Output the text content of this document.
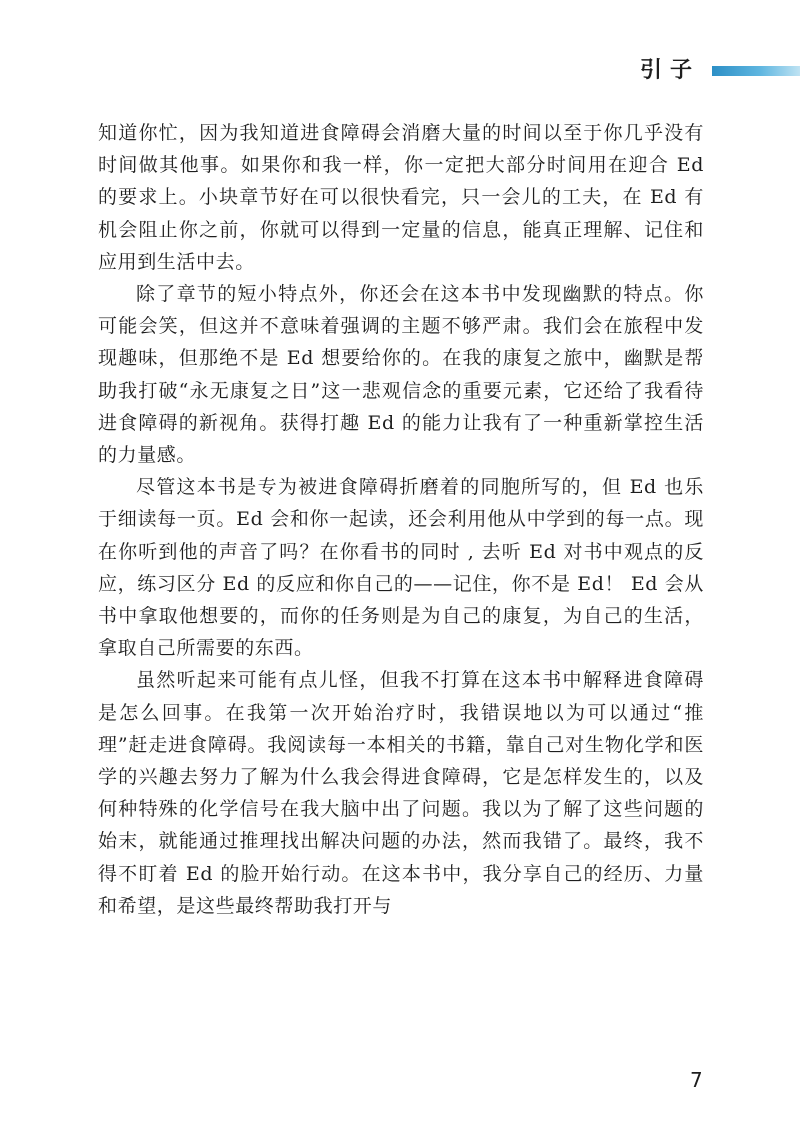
引子

知道你忙，因为我知道进食障碍会消磨大量的时间以至于你几乎没有时间做其他事。如果你和我一样，你一定把大部分时间用在迎合 Ed 的要求上。小块章节好在可以很快看完，只一会儿的工夫，在 Ed 有机会阻止你之前，你就可以得到一定量的信息，能真正理解、记住和应用到生活中去。

除了章节的短小特点外，你还会在这本书中发现幽默的特点。你可能会笑，但这并不意味着强调的主题不够严肃。我们会在旅程中发现趣味，但那绝不是 Ed 想要给你的。在我的康复之旅中，幽默是帮助我打破“永无康复之日”这一悲观信念的重要元素，它还给了我看待进食障碍的新视角。获得打趣 Ed 的能力让我有了一种重新掌控生活的力量感。

尽管这本书是专为被进食障碍折磨着的同胞所写的，但 Ed 也乐于细读每一页。Ed 会和你一起读，还会利用他从中学到的每一点。现在你听到他的声音了吗？在你看书的同时 , 去听 Ed 对书中观点的反应，练习区分 Ed 的反应和你自己的——记住，你不是 Ed！ Ed 会从书中拿取他想要的，而你的任务则是为自己的康复，为自己的生活，拿取自己所需要的东西。

虽然听起来可能有点儿怪，但我不打算在这本书中解释进食障碍是怎么回事。在我第一次开始治疗时，我错误地以为可以通过“推理”赶走进食障碍。我阅读每一本相关的书籍，靠自己对生物化学和医学的兴趣去努力了解为什么我会得进食障碍，它是怎样发生的，以及何种特殊的化学信号在我大脑中出了问题。我以为了解了这些问题的始末，就能通过推理找出解决问题的办法，然而我错了。最终，我不得不盯着 Ed 的脸开始行动。在这本书中，我分享自己的经历、力量和希望，是这些最终帮助我打开与

7
